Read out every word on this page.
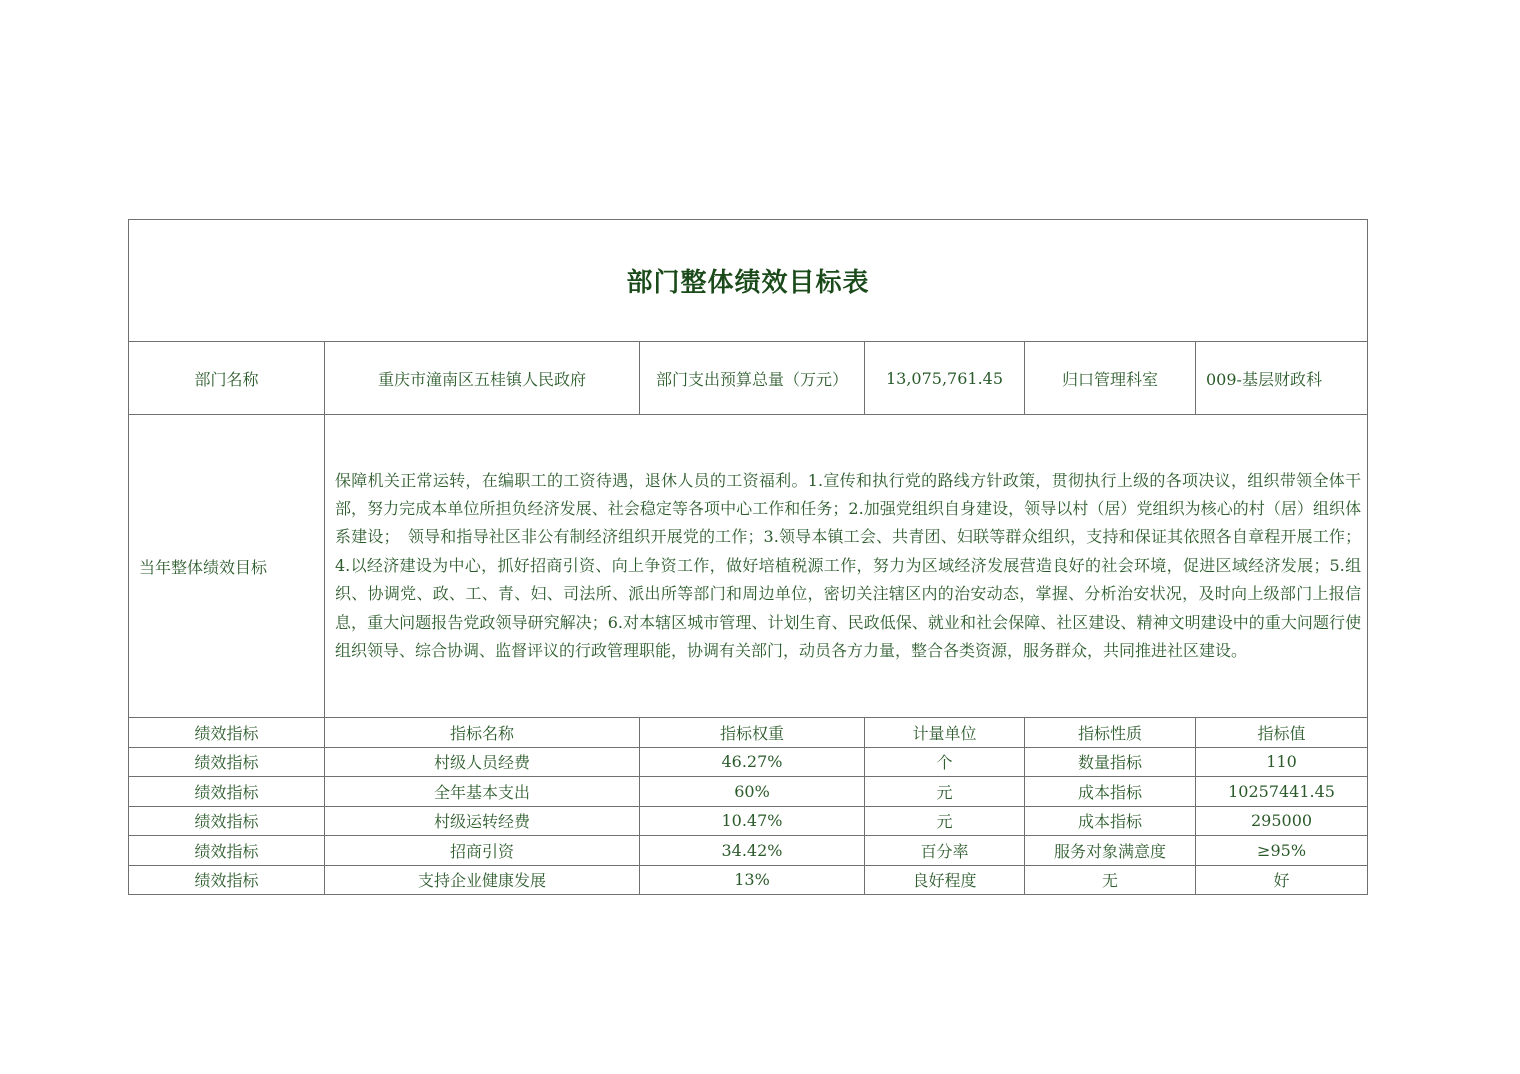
部门整体绩效目标表					
部门名称	重庆市潼南区五桂镇人民政府	部门支出预算总量（万元）	13,075,761.45	归口管理科室	009-基层财政科
当年整体绩效目标	保障机关正常运转，在编职工的工资待遇，退休人员的工资福利。1.宣传和执行党的路线方针政策，贯彻执行上级的各项决议，组织带领全体干部，努力完成本单位所担负经济发展、社会稳定等各项中心工作和任务；2.加强党组织自身建设，领导以村（居）党组织为核心的村（居）组织体系建设；　领导和指导社区非公有制经济组织开展党的工作；3.领导本镇工会、共青团、妇联等群众组织，支持和保证其依照各自章程开展工作；4.以经济建设为中心，抓好招商引资、向上争资工作，做好培植税源工作，努力为区域经济发展营造良好的社会环境，促进区域经济发展；5.组织、协调党、政、工、青、妇、司法所、派出所等部门和周边单位，密切关注辖区内的治安动态，掌握、分析治安状况，及时向上级部门上报信息，重大问题报告党政领导研究解决；6.对本辖区城市管理、计划生育、民政低保、就业和社会保障、社区建设、精神文明建设中的重大问题行使组织领导、综合协调、监督评议的行政管理职能，协调有关部门，动员各方力量，整合各类资源，服务群众，共同推进社区建设。				
绩效指标	指标名称	指标权重	计量单位	指标性质	指标值
绩效指标	村级人员经费	46.27%	个	数量指标	110
绩效指标	全年基本支出	60%	元	成本指标	10257441.45
绩效指标	村级运转经费	10.47%	元	成本指标	295000
绩效指标	招商引资	34.42%	百分率	服务对象满意度	≥95%
绩效指标	支持企业健康发展	13%	良好程度	无	好
